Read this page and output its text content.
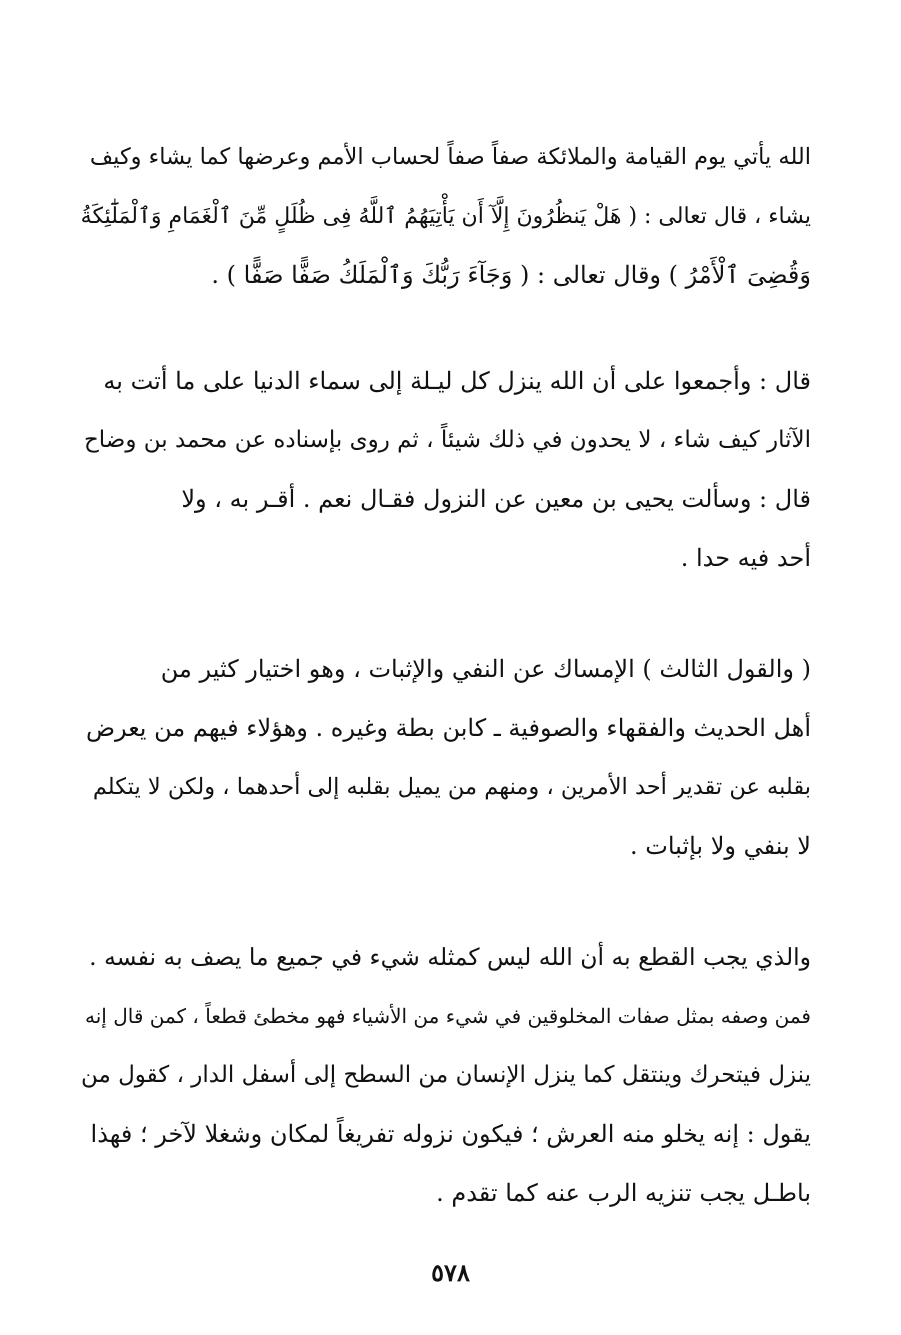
الله يأتي يوم القيامة والملائكة صفاً صفاً لحساب الأمم وعرضها كما يشاء وكيف
يشاء ، قال تعالى : ( هَلْ يَنظُرُونَ إِلَّآ أَن يَأْتِيَهُمُ ٱللَّهُ فِى ظُلَلٍ مِّنَ ٱلْغَمَامِ وَٱلْمَلَٰٓئِكَةُ
وَقُضِىَ ٱلْأَمْرُ ) وقال تعالى : ( وَجَآءَ رَبُّكَ وَٱلْمَلَكُ صَفًّا صَفًّا ) .
قال : وأجمعوا على أن الله ينزل كل ليـلة إلى سماء الدنيا على ما أتت به
الآثار كيف شاء ، لا يحدون في ذلك شيئاً ، ثم روى بإسناده عن محمد بن وضاح
قال : وسألت يحيى بن معين عن النزول فقـال نعم . أقـر به ، ولا
أحد فيه حدا .
( والقول الثالث ) الإمساك عن النفي والإثبات ، وهو اختيار كثير من
أهل الحديث والفقهاء والصوفية ـ كابن بطة وغيره . وهؤلاء فيهم من يعرض
بقلبه عن تقدير أحد الأمرين ، ومنهم من يميل بقلبه إلى أحدهما ، ولكن لا يتكلم
لا بنفي ولا بإثبات .
والذي يجب القطع به أن الله ليس كمثله شيء في جميع ما يصف به نفسه .
فمن وصفه بمثل صفات المخلوقين في شيء من الأشياء فهو مخطئ قطعاً ، كمن قال إنه
ينزل فيتحرك وينتقل كما ينزل الإنسان من السطح إلى أسفل الدار ، كقول من
يقول : إنه يخلو منه العرش ؛ فيكون نزوله تفريغاً لمكان وشغلا لآخر ؛ فهذا
باطـل يجب تنزيه الرب عنه كما تقدم .
٥٧٨
